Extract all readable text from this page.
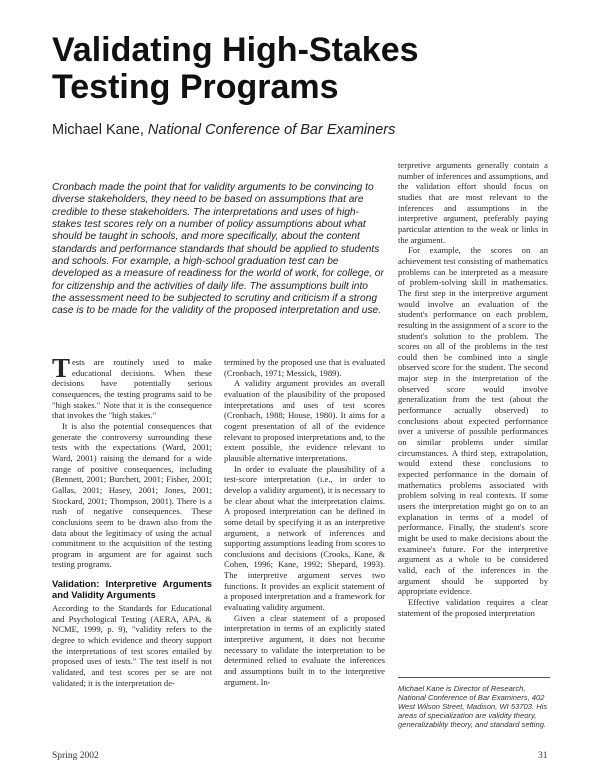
Validating High-Stakes
Testing Programs
Michael Kane, National Conference of Bar Examiners
Cronbach made the point that for validity arguments to be convincing to diverse stakeholders, they need to be based on assumptions that are credible to these stakeholders. The interpretations and uses of high-stakes test scores rely on a number of policy assumptions about what should be taught in schools, and more specifically, about the content standards and performance standards that should be applied to students and schools. For example, a high-school graduation test can be developed as a measure of readiness for the world of work, for college, or for citizenship and the activities of daily life. The assumptions built into the assessment need to be subjected to scrutiny and criticism if a strong case is to be made for the validity of the proposed interpretation and use.

Tests are routinely used to make educational decisions. When these decisions have potentially serious consequences, the testing programs said to be "high stakes." Note that it is the consequence that invokes the "high stakes."

It is also the potential consequences that generate the controversy surrounding these tests with the expectations (Ward, 2001; Ward, 2001) raising the demand for a wide range of positive consequences, including (Bennett, 2001; Burchett, 2001; Fisher, 2001; Gallas, 2001; Hasey, 2001; Jones, 2001; Stockard, 2001; Thompson, 2001). There is a rush of negative consequences. These conclusions seem to be drawn also from the data about the legitimacy of using the actual commitment to the acquisition of the testing program in argument are for against such testing programs.

Validation: Interpretive Arguments and Validity Arguments

According to the Standards for Educational and Psychological Testing (AERA, APA, & NCME, 1999, p. 9), "validity refers to the degree to which evidence and theory support the interpretations of test scores entailed by proposed uses of tests." The test itself is not validated, and test scores per se are not validated; it is the interpretation de-

termined by the proposed use that is evaluated (Cronbach, 1971; Messick, 1989).

A validity argument provides an overall evaluation of the plausibility of the proposed interpretations and uses of test scores (Cronbach, 1988; House, 1980). It aims for a cogent presentation of all of the evidence relevant to proposed interpretations and, to the extent possible, the evidence relevant to plausible alternative interpretations.

In order to evaluate the plausibility of a test-score interpretation (i.e., in order to develop a validity argument), it is necessary to be clear about what the interpretation claims. A proposed interpretation can be defined in some detail by specifying it as an interpretive argument, a network of inferences and supporting assumptions leading from scores to conclusions and decisions (Crooks, Kane, & Cohen, 1996; Kane, 1992; Shepard, 1993). The interpretive argument serves two functions. It provides an explicit statement of a proposed interpretation and a framework for evaluating validity argument.

Given a clear statement of a proposed interpretation in terms of an explicitly stated interpretive argument, it does not become necessary to validate the interpretation to be determined relied to evaluate the inferences and assumptions built in to the interpretive argument. In-

terpretive arguments generally contain a number of inferences and assumptions, and the validation effort should focus on studies that are most relevant to the inferences and assumptions in the interpretive argument, preferably paying particular attention to the weak or links in the argument.

For example, the scores on an achievement test consisting of mathematics problems can be interpreted as a measure of problem-solving skill in mathematics. The first step in the interpretive argument would involve an evaluation of the student's performance on each problem, resulting in the assignment of a score to the student's solution to the problem. The scores on all of the problems in the test could then be combined into a single observed score for the student. The second major step in the interpretation of the observed score would involve generalization from the test (about the performance actually observed) to conclusions about expected performance over a universe of possible performances on similar problems under similar circumstances. A third step, extrapolation, would extend these conclusions to expected performance in the domain of mathematics problems associated with problem solving in real contexts. If some users the interpretation might go on to an explanation in terms of a model of performance. Finally, the student's score might be used to make decisions about the examinee's future. For the interpretive argument as a whole to be considered valid, each of the inferences in the argument should be supported by appropriate evidence.

Effective validation requires a clear statement of the proposed interpretation

Michael Kane is Director of Research, National Conference of Bar Examiners, 402 West Wilson Street, Madison, WI 53703. His areas of specialization are validity theory, generalizability theory, and standard setting.
Spring 2002	31
